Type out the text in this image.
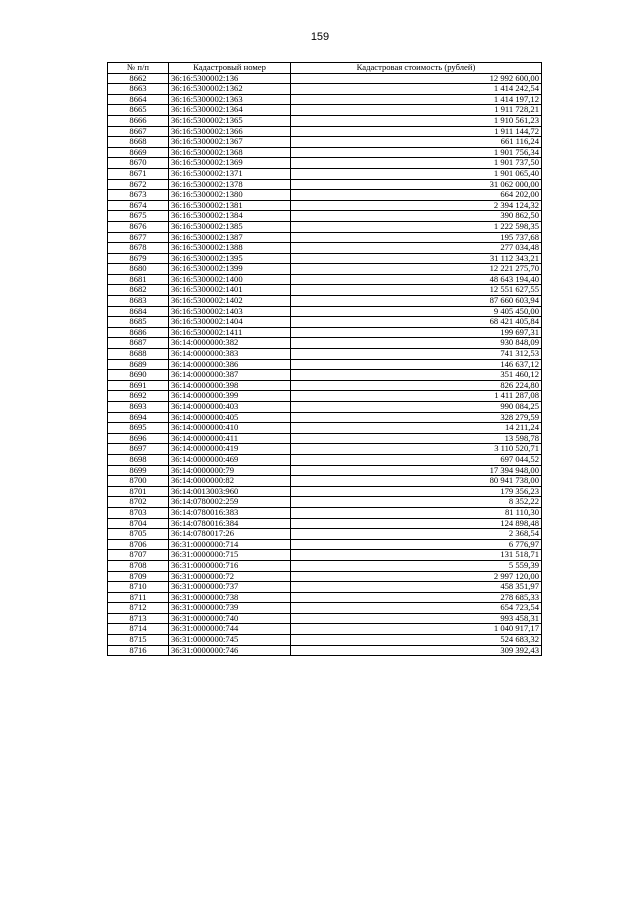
159
№ п/п	Кадастровый номер	Кадастровая стоимость (рублей)
8662	36:16:5300002:136	12 992 600,00
8663	36:16:5300002:1362	1 414 242,54
8664	36:16:5300002:1363	1 414 197,12
8665	36:16:5300002:1364	1 911 728,21
8666	36:16:5300002:1365	1 910 561,23
8667	36:16:5300002:1366	1 911 144,72
8668	36:16:5300002:1367	661 116,24
8669	36:16:5300002:1368	1 901 756,34
8670	36:16:5300002:1369	1 901 737,50
8671	36:16:5300002:1371	1 901 065,40
8672	36:16:5300002:1378	31 062 000,00
8673	36:16:5300002:1380	664 202,00
8674	36:16:5300002:1381	2 394 124,32
8675	36:16:5300002:1384	390 862,50
8676	36:16:5300002:1385	1 222 598,35
8677	36:16:5300002:1387	195 737,68
8678	36:16:5300002:1388	277 034,48
8679	36:16:5300002:1395	31 112 343,21
8680	36:16:5300002:1399	12 221 275,70
8681	36:16:5300002:1400	48 643 194,40
8682	36:16:5300002:1401	12 551 627,55
8683	36:16:5300002:1402	87 660 603,94
8684	36:16:5300002:1403	9 405 450,00
8685	36:16:5300002:1404	68 421 405,84
8686	36:16:5300002:1411	199 697,31
8687	36:14:0000000:382	930 848,09
8688	36:14:0000000:383	741 312,53
8689	36:14:0000000:386	146 637,12
8690	36:14:0000000:387	351 460,12
8691	36:14:0000000:398	826 224,80
8692	36:14:0000000:399	1 411 287,08
8693	36:14:0000000:403	990 084,25
8694	36:14:0000000:405	328 279,59
8695	36:14:0000000:410	14 211,24
8696	36:14:0000000:411	13 598,78
8697	36:14:0000000:419	3 110 520,71
8698	36:14:0000000:469	697 044,52
8699	36:14:0000000:79	17 394 948,00
8700	36:14:0000000:82	80 941 738,00
8701	36:14:0013003:960	179 356,23
8702	36:14:0780002:259	8 352,22
8703	36:14:0780016:383	81 110,30
8704	36:14:0780016:384	124 898,48
8705	36:14:0780017:26	2 368,54
8706	36:31:0000000:714	6 776,97
8707	36:31:0000000:715	131 518,71
8708	36:31:0000000:716	5 559,39
8709	36:31:0000000:72	2 997 120,00
8710	36:31:0000000:737	458 351,97
8711	36:31:0000000:738	278 685,33
8712	36:31:0000000:739	654 723,54
8713	36:31:0000000:740	993 458,31
8714	36:31:0000000:744	1 040 917,17
8715	36:31:0000000:745	524 683,32
8716	36:31:0000000:746	309 392,43
